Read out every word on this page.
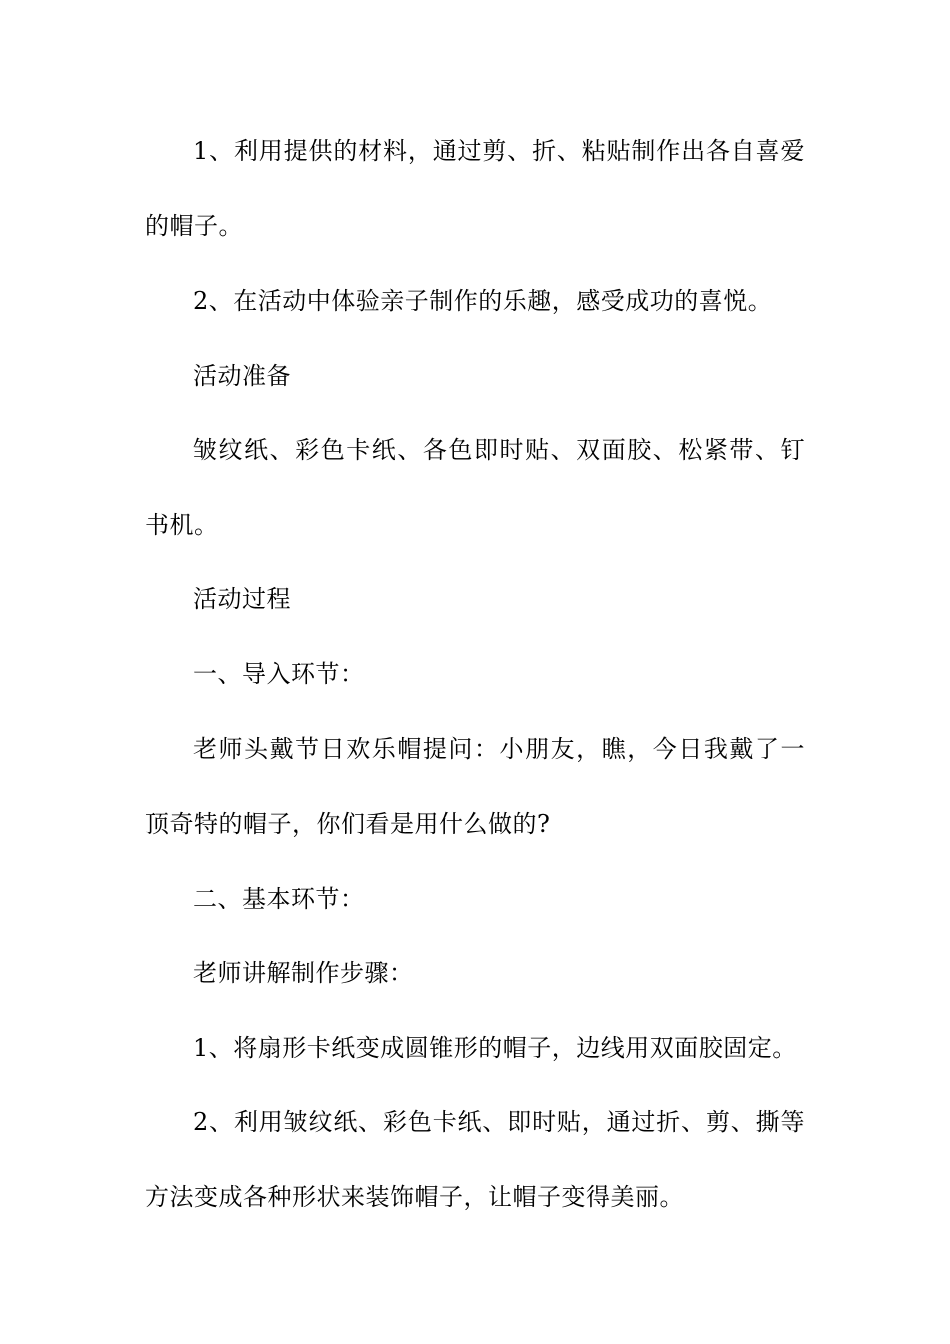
1、利用提供的材料，通过剪、折、粘贴制作出各自喜爱的帽子。

2、在活动中体验亲子制作的乐趣，感受成功的喜悦。

活动准备

皱纹纸、彩色卡纸、各色即时贴、双面胶、松紧带、钉书机。

活动过程

一、导入环节：

老师头戴节日欢乐帽提问：小朋友，瞧，今日我戴了一顶奇特的帽子，你们看是用什么做的?

二、基本环节：

老师讲解制作步骤：

1、将扇形卡纸变成圆锥形的帽子，边线用双面胶固定。

2、利用皱纹纸、彩色卡纸、即时贴，通过折、剪、撕等方法变成各种形状来装饰帽子，让帽子变得美丽。
